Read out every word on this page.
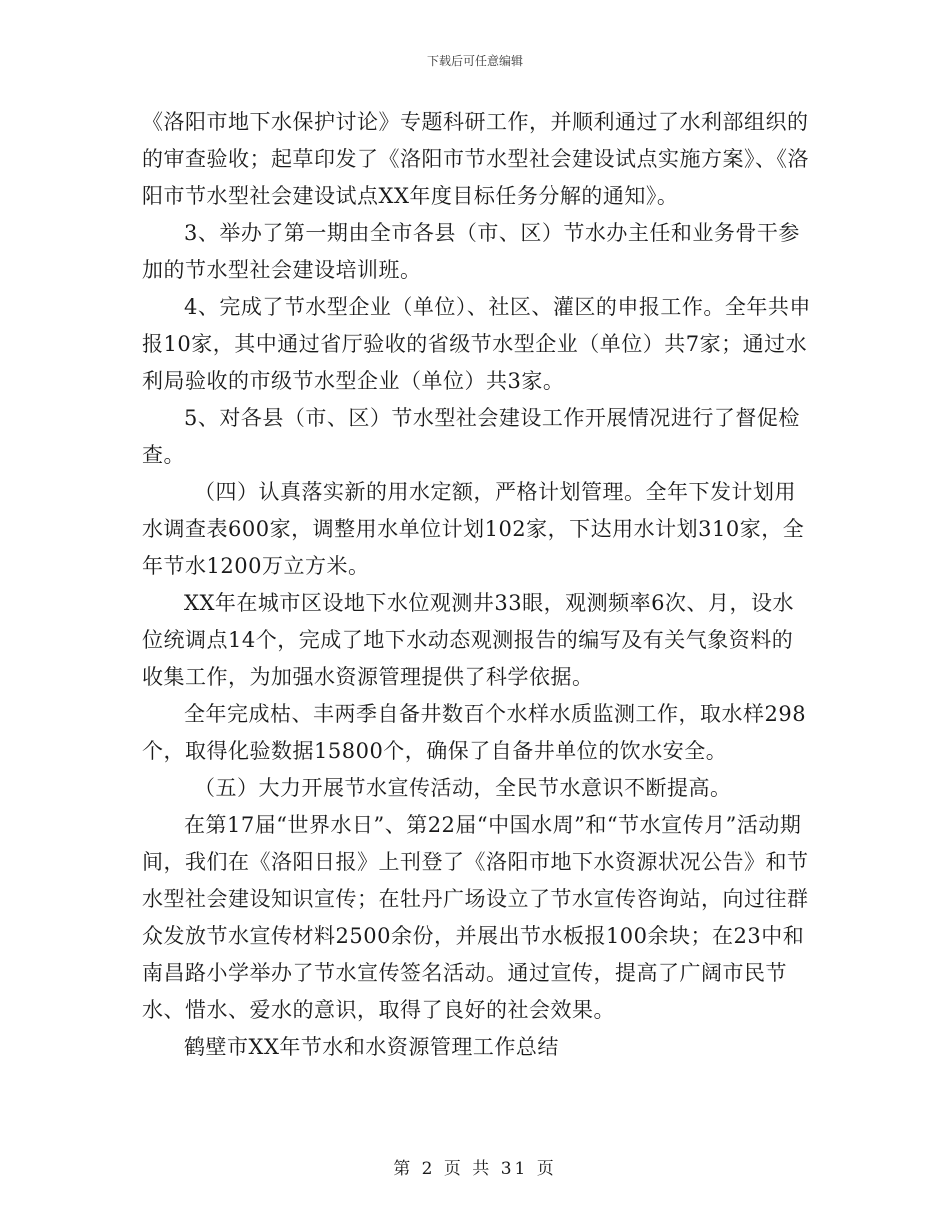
下载后可任意编辑

《洛阳市地下水保护讨论》专题科研工作，并顺利通过了水利部组织的的审查验收；起草印发了《洛阳市节水型社会建设试点实施方案》、《洛阳市节水型社会建设试点XX年度目标任务分解的通知》。

3、举办了第一期由全市各县（市、区）节水办主任和业务骨干参加的节水型社会建设培训班。

4、完成了节水型企业（单位）、社区、灌区的申报工作。全年共申报10家，其中通过省厅验收的省级节水型企业（单位）共7家；通过水利局验收的市级节水型企业（单位）共3家。

5、对各县（市、区）节水型社会建设工作开展情况进行了督促检查。

（四）认真落实新的用水定额，严格计划管理。全年下发计划用水调查表600家，调整用水单位计划102家，下达用水计划310家，全年节水1200万立方米。

XX年在城市区设地下水位观测井33眼，观测频率6次、月，设水位统调点14个，完成了地下水动态观测报告的编写及有关气象资料的收集工作，为加强水资源管理提供了科学依据。

全年完成枯、丰两季自备井数百个水样水质监测工作，取水样298个，取得化验数据15800个，确保了自备井单位的饮水安全。

（五）大力开展节水宣传活动，全民节水意识不断提高。

在第17届“世界水日”、第22届“中国水周”和“节水宣传月”活动期间，我们在《洛阳日报》上刊登了《洛阳市地下水资源状况公告》和节水型社会建设知识宣传；在牡丹广场设立了节水宣传咨询站，向过往群众发放节水宣传材料2500余份，并展出节水板报100余块；在23中和南昌路小学举办了节水宣传签名活动。通过宣传，提高了广阔市民节水、惜水、爱水的意识，取得了良好的社会效果。

鹤壁市XX年节水和水资源管理工作总结

第 2 页 共 31 页
